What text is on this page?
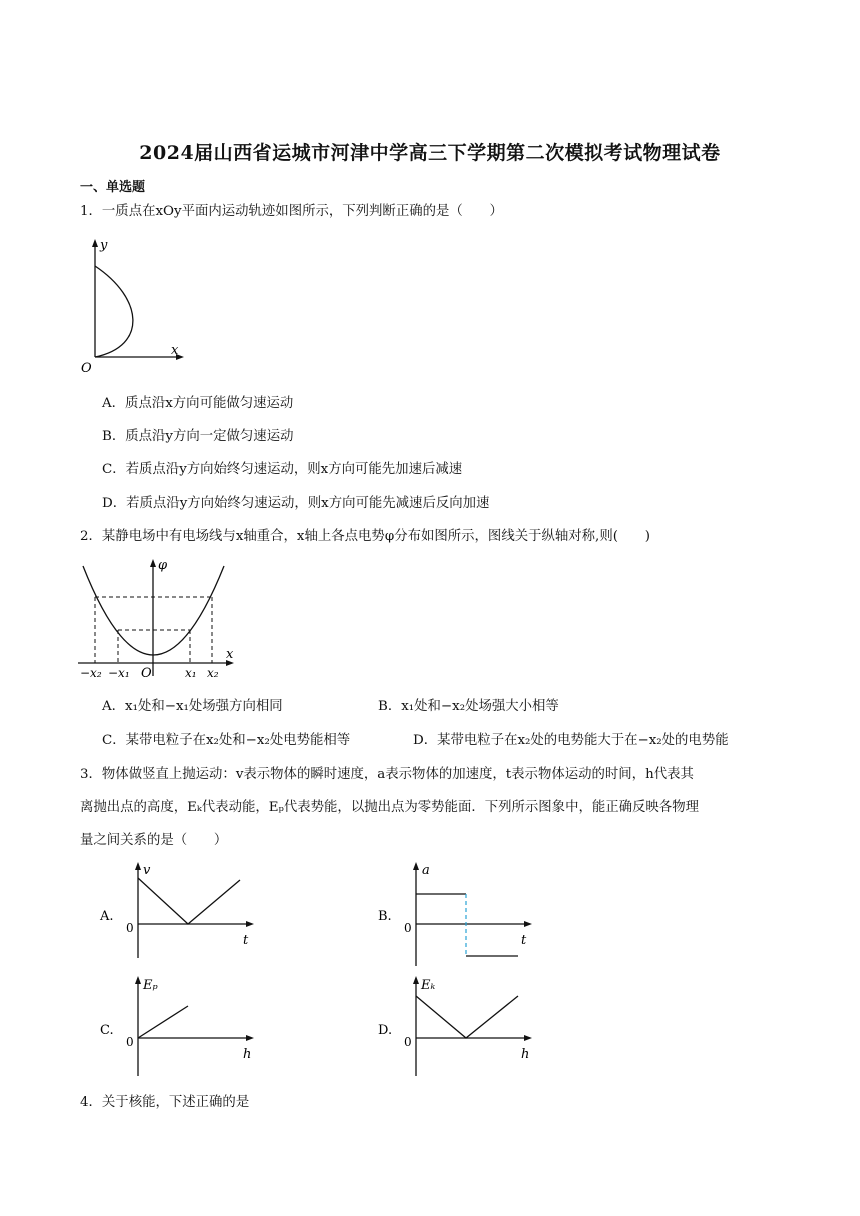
2024届山西省运城市河津中学高三下学期第二次模拟考试物理试卷
一、单选题
1．一质点在xOy平面内运动轨迹如图所示，下列判断正确的是（　　）
y
x
O
A．质点沿x方向可能做匀速运动
B．质点沿y方向一定做匀速运动
C．若质点沿y方向始终匀速运动，则x方向可能先加速后减速
D．若质点沿y方向始终匀速运动，则x方向可能先减速后反向加速
2．某静电场中有电场线与x轴重合，x轴上各点电势φ分布如图所示，图线关于纵轴对称,则(　　)
φ
x
O
−x₂ −x₁	x₁ x₂
A．x₁处和−x₁处场强方向相同	B．x₁处和−x₂处场强大小相等
C．某带电粒子在x₂处和−x₂处电势能相等	D．某带电粒子在x₂处的电势能大于在−x₂处的电势能
3．物体做竖直上抛运动：v表示物体的瞬时速度，a表示物体的加速度，t表示物体运动的时间，h代表其
离抛出点的高度，Eₖ代表动能，Eₚ代表势能，以抛出点为零势能面．下列所示图象中，能正确反映各物理
量之间关系的是（　　）
A.
v
t
0
B.
a
t
0
C.
Eₚ
h
0
D.
Eₖ
h
0
4．关于核能，下述正确的是
